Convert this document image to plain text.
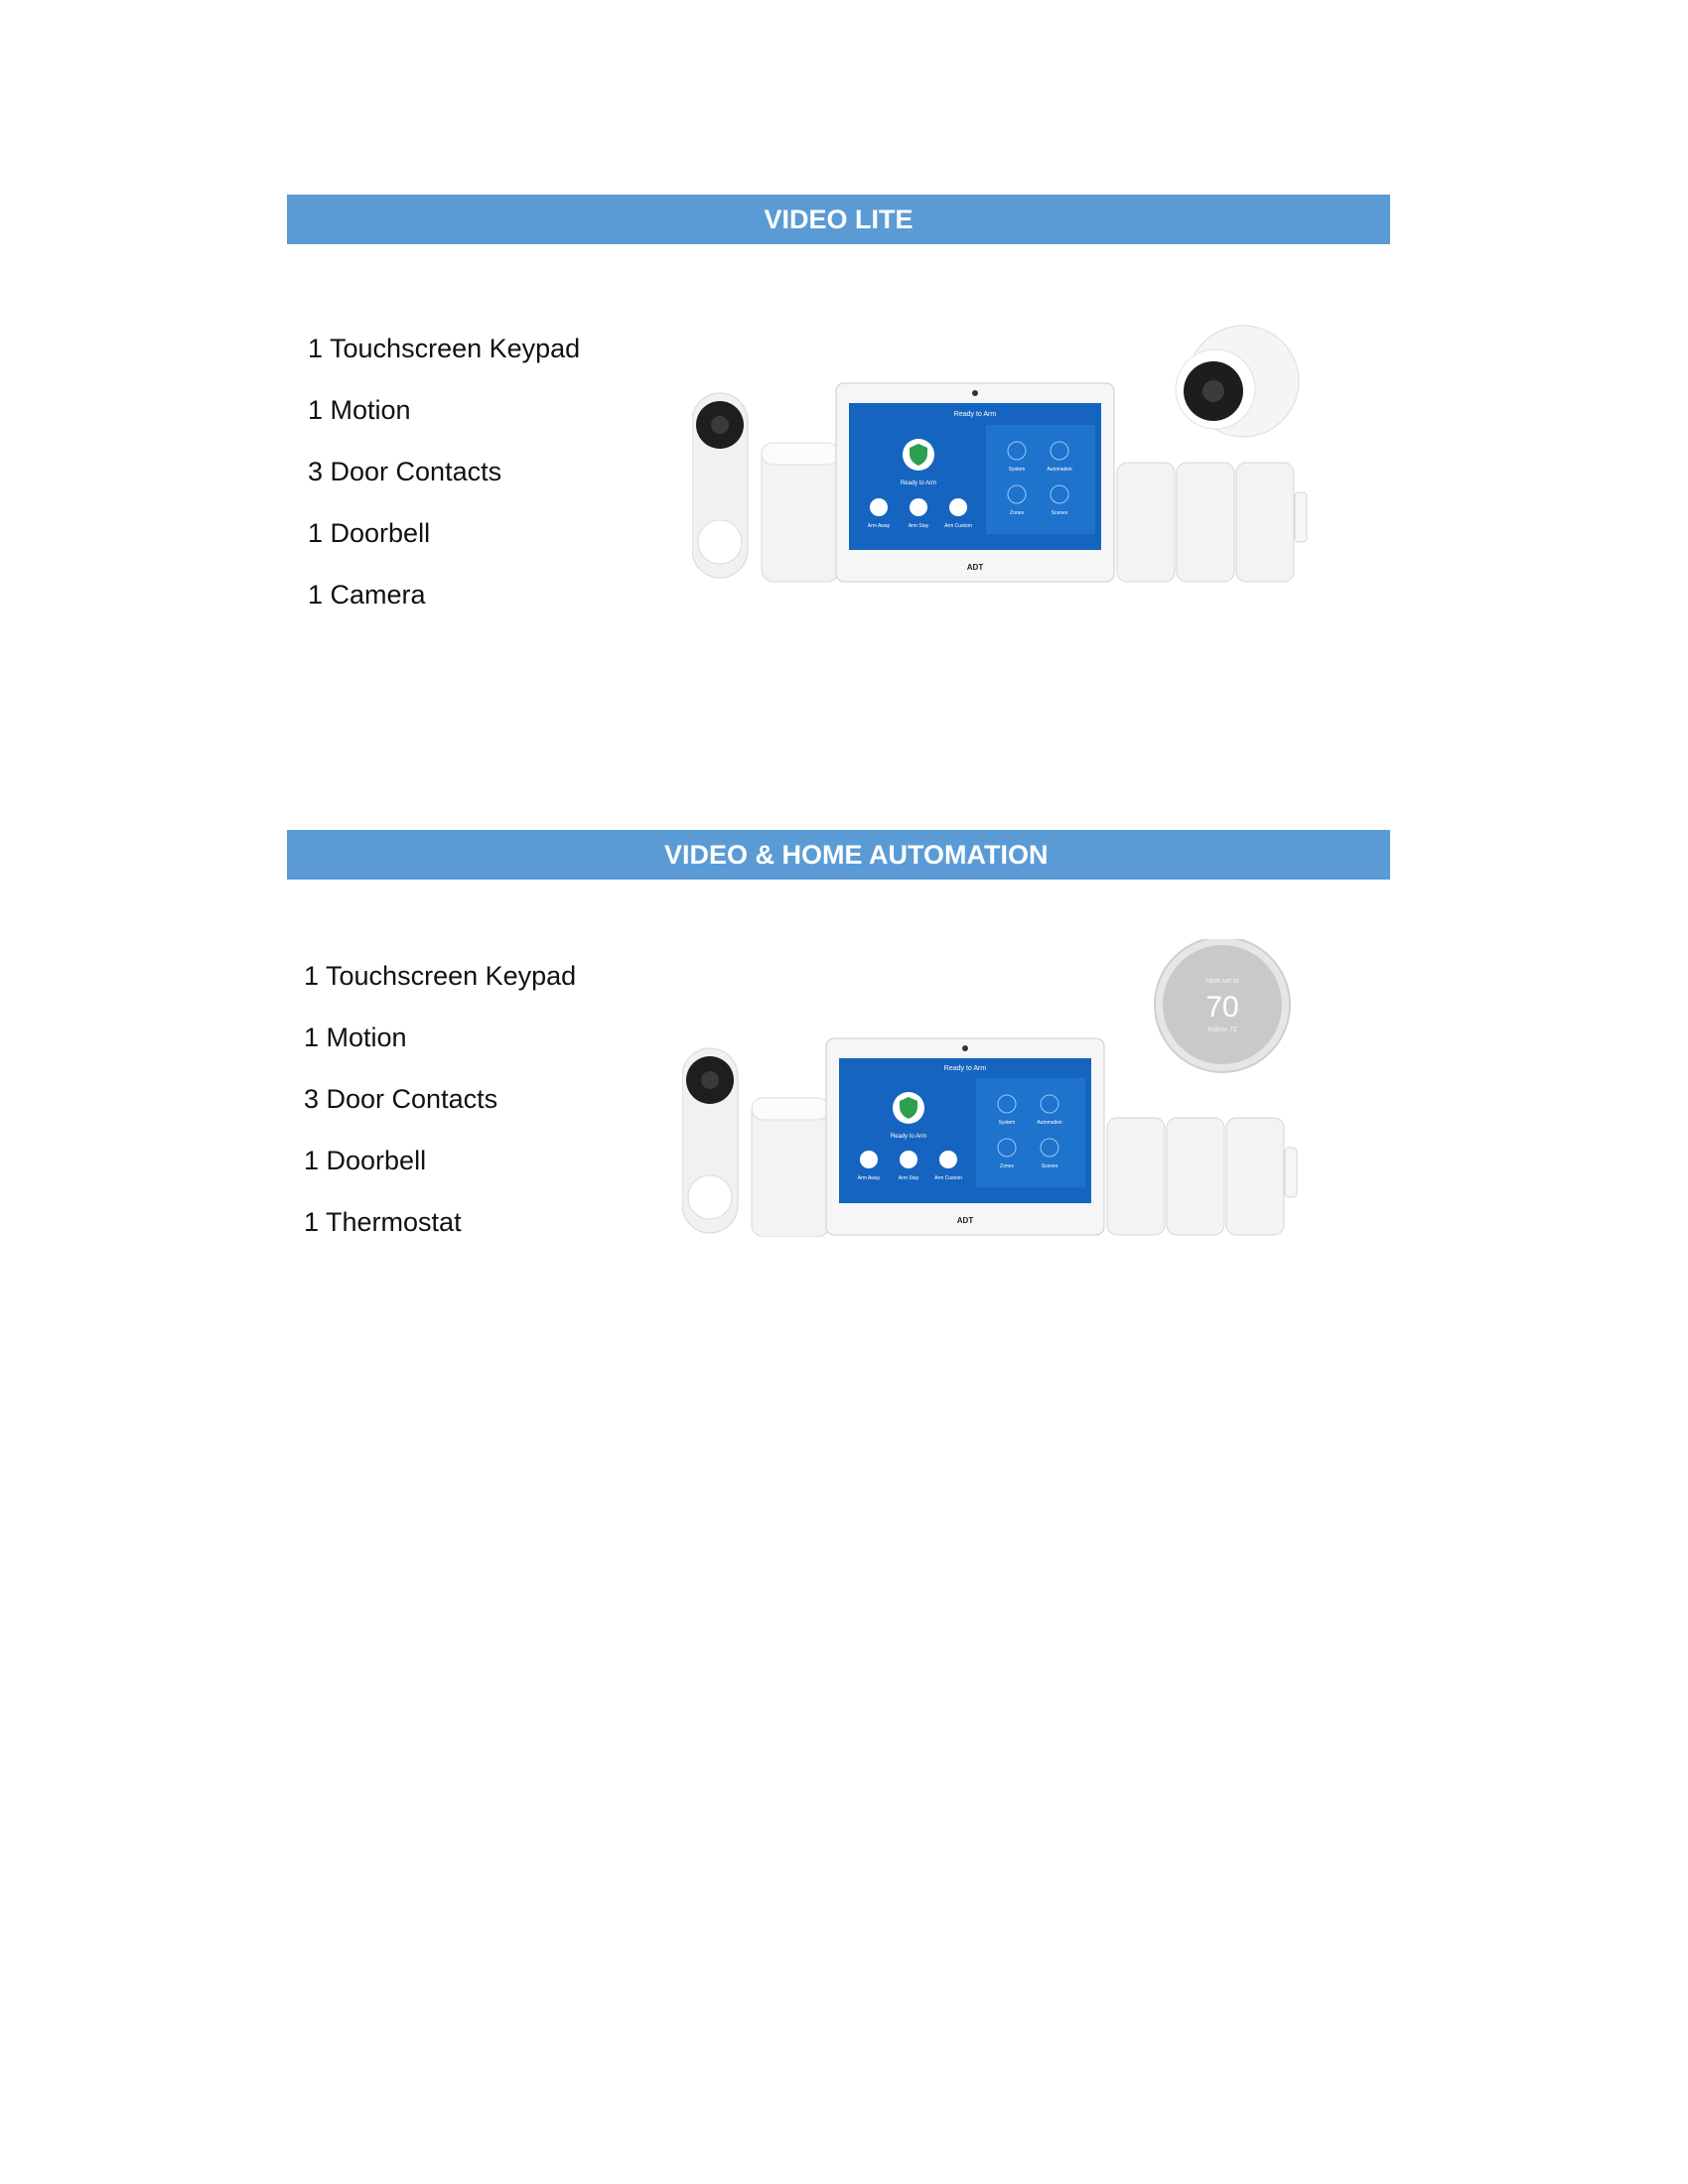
VIDEO LITE
1 Touchscreen Keypad
1 Motion
3 Door Contacts
1 Doorbell
1 Camera
Ready to Arm
Ready to Arm
Arm Away	Arm Stay	Arm Custom
System	Automation
Zones	Scenes
ADT
VIDEO & HOME AUTOMATION
1 Touchscreen Keypad
1 Motion
3 Door Contacts
1 Doorbell
1 Thermostat
Ready to Arm
Ready to Arm
Arm Away	Arm Stay	Arm Custom
System	Automation
Zones	Scenes
ADT
Heat set to
70
Indoor 72
